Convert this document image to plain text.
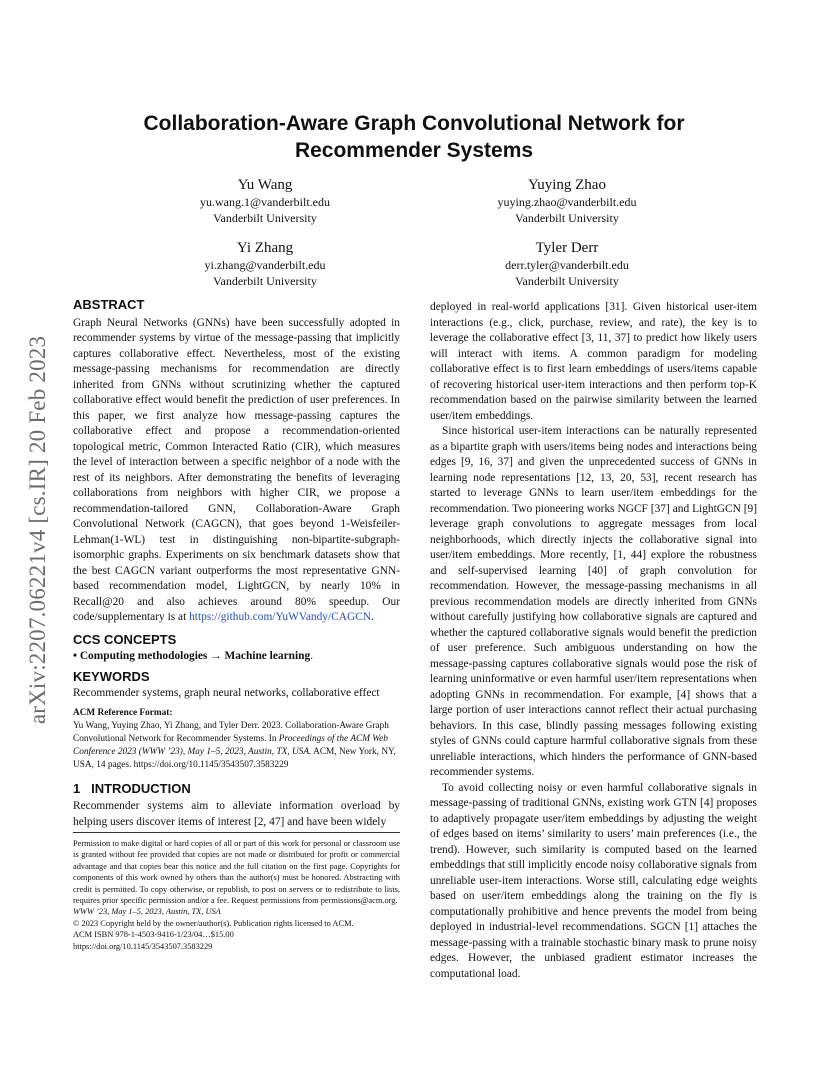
arXiv:2207.06221v4 [cs.IR] 20 Feb 2023
Collaboration-Aware Graph Convolutional Network for
Recommender Systems
Yu Wang
yu.wang.1@vanderbilt.edu
Vanderbilt University
Yuying Zhao
yuying.zhao@vanderbilt.edu
Vanderbilt University
Yi Zhang
yi.zhang@vanderbilt.edu
Vanderbilt University
Tyler Derr
derr.tyler@vanderbilt.edu
Vanderbilt University
ABSTRACT

Graph Neural Networks (GNNs) have been successfully adopted in recommender systems by virtue of the message-passing that implicitly captures collaborative effect. Nevertheless, most of the existing message-passing mechanisms for recommendation are directly inherited from GNNs without scrutinizing whether the captured collaborative effect would benefit the prediction of user preferences. In this paper, we first analyze how message-passing captures the collaborative effect and propose a recommendation-oriented topological metric, Common Interacted Ratio (CIR), which measures the level of interaction between a specific neighbor of a node with the rest of its neighbors. After demonstrating the benefits of leveraging collaborations from neighbors with higher CIR, we propose a recommendation-tailored GNN, Collaboration-Aware Graph Convolutional Network (CAGCN), that goes beyond 1-Weisfeiler-Lehman(1-WL) test in distinguishing non-bipartite-subgraph-isomorphic graphs. Experiments on six benchmark datasets show that the best CAGCN variant outperforms the most representative GNN-based recommendation model, LightGCN, by nearly 10% in Recall@20 and also achieves around 80% speedup. Our code/supplementary is at https://github.com/YuWVandy/CAGCN.

CCS CONCEPTS

• Computing methodologies → Machine learning.

KEYWORDS

Recommender systems, graph neural networks, collaborative effect

ACM Reference Format:

Yu Wang, Yuying Zhao, Yi Zhang, and Tyler Derr. 2023. Collaboration-Aware Graph Convolutional Network for Recommender Systems. In Proceedings of the ACM Web Conference 2023 (WWW ’23), May 1–5, 2023, Austin, TX, USA. ACM, New York, NY, USA, 14 pages. https://doi.org/10.1145/3543507.3583229

1 INTRODUCTION

Recommender systems aim to alleviate information overload by helping users discover items of interest [2, 47] and have been widely

Permission to make digital or hard copies of all or part of this work for personal or classroom use is granted without fee provided that copies are not made or distributed for profit or commercial advantage and that copies bear this notice and the full citation on the first page. Copyrights for components of this work owned by others than the author(s) must be honored. Abstracting with credit is permitted. To copy otherwise, or republish, to post on servers or to redistribute to lists, requires prior specific permission and/or a fee. Request permissions from permissions@acm.org.
WWW ’23, May 1–5, 2023, Austin, TX, USA
© 2023 Copyright held by the owner/author(s). Publication rights licensed to ACM.
ACM ISBN 978-1-4503-9416-1/23/04…$15.00
https://doi.org/10.1145/3543507.3583229

deployed in real-world applications [31]. Given historical user-item interactions (e.g., click, purchase, review, and rate), the key is to leverage the collaborative effect [3, 11, 37] to predict how likely users will interact with items. A common paradigm for modeling collaborative effect is to first learn embeddings of users/items capable of recovering historical user-item interactions and then perform top-K recommendation based on the pairwise similarity between the learned user/item embeddings.

Since historical user-item interactions can be naturally represented as a bipartite graph with users/items being nodes and interactions being edges [9, 16, 37] and given the unprecedented success of GNNs in learning node representations [12, 13, 20, 53], recent research has started to leverage GNNs to learn user/item embeddings for the recommendation. Two pioneering works NGCF [37] and LightGCN [9] leverage graph convolutions to aggregate messages from local neighborhoods, which directly injects the collaborative signal into user/item embeddings. More recently, [1, 44] explore the robustness and self-supervised learning [40] of graph convolution for recommendation. However, the message-passing mechanisms in all previous recommendation models are directly inherited from GNNs without carefully justifying how collaborative signals are captured and whether the captured collaborative signals would benefit the prediction of user preference. Such ambiguous understanding on how the message-passing captures collaborative signals would pose the risk of learning uninformative or even harmful user/item representations when adopting GNNs in recommendation. For example, [4] shows that a large portion of user interactions cannot reflect their actual purchasing behaviors. In this case, blindly passing messages following existing styles of GNNs could capture harmful collaborative signals from these unreliable interactions, which hinders the performance of GNN-based recommender systems.

To avoid collecting noisy or even harmful collaborative signals in message-passing of traditional GNNs, existing work GTN [4] proposes to adaptively propagate user/item embeddings by adjusting the weight of edges based on items’ similarity to users’ main preferences (i.e., the trend). However, such similarity is computed based on the learned embeddings that still implicitly encode noisy collaborative signals from unreliable user-item interactions. Worse still, calculating edge weights based on user/item embeddings along the training on the fly is computationally prohibitive and hence prevents the model from being deployed in industrial-level recommendations. SGCN [1] attaches the message-passing with a trainable stochastic binary mask to prune noisy edges. However, the unbiased gradient estimator increases the computational load.
